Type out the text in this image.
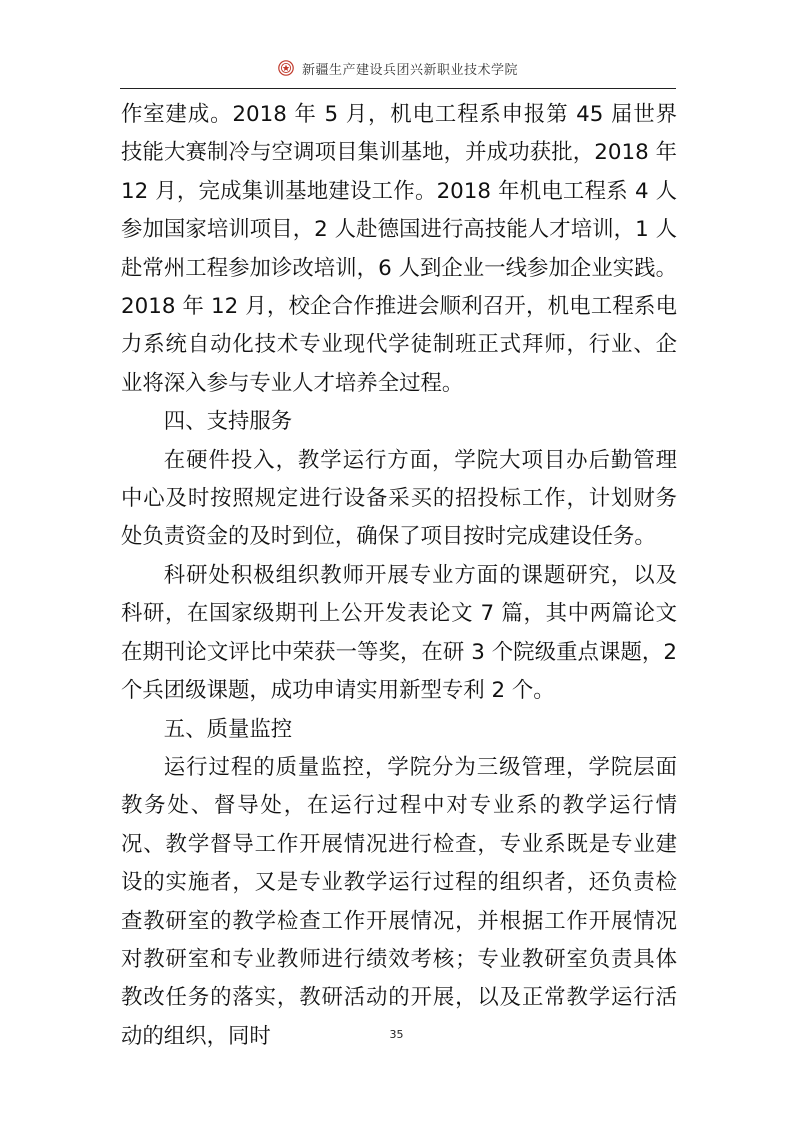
新疆生产建设兵团兴新职业技术学院

作室建成。2018 年 5 月，机电工程系申报第 45 届世界技能大赛制冷与空调项目集训基地，并成功获批，2018 年 12 月，完成集训基地建设工作。2018 年机电工程系 4 人参加国家培训项目，2 人赴德国进行高技能人才培训，1 人赴常州工程参加诊改培训，6 人到企业一线参加企业实践。2018 年 12 月，校企合作推进会顺利召开，机电工程系电力系统自动化技术专业现代学徒制班正式拜师，行业、企业将深入参与专业人才培养全过程。

四、支持服务

在硬件投入，教学运行方面，学院大项目办后勤管理中心及时按照规定进行设备采买的招投标工作，计划财务处负责资金的及时到位，确保了项目按时完成建设任务。

科研处积极组织教师开展专业方面的课题研究，以及科研，在国家级期刊上公开发表论文 7 篇，其中两篇论文在期刊论文评比中荣获一等奖，在研 3 个院级重点课题，2 个兵团级课题，成功申请实用新型专利 2 个。

五、质量监控

运行过程的质量监控，学院分为三级管理，学院层面教务处、督导处，在运行过程中对专业系的教学运行情况、教学督导工作开展情况进行检查，专业系既是专业建设的实施者，又是专业教学运行过程的组织者，还负责检查教研室的教学检查工作开展情况，并根据工作开展情况对教研室和专业教师进行绩效考核；专业教研室负责具体教改任务的落实，教研活动的开展，以及正常教学运行活动的组织，同时	35
